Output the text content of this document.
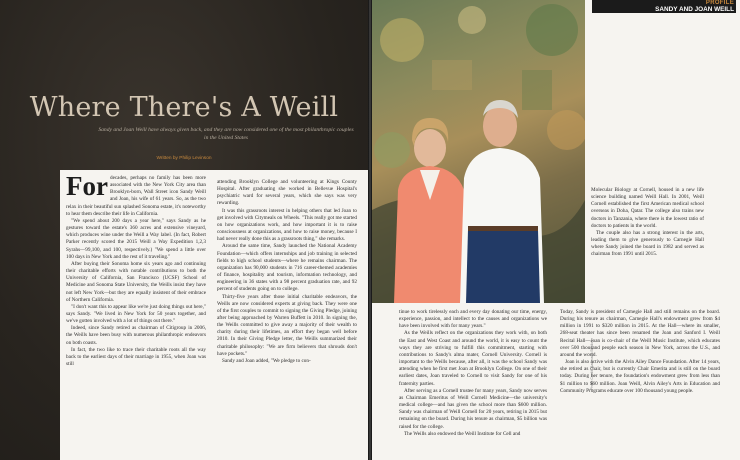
Where There's A Weill
Sandy and Joan Weill have always given back, and they are now considered one of the most philanthropic couples in the United States
Written by Philip Levinson
For decades, perhaps no family has been more associated with the New York City area than Brooklyn-born, Wall Street icon Sandy Weill and Joan, his wife of 61 years. So, as the two relax in their beautiful sun splashed Sonoma estate, it's noteworthy to hear them describe their life in California.

"We spend about 200 days a year here," says Sandy as he gestures toward the estate's 360 acres and extensive vineyard, which produces wine under the Weill a Way label. (In fact, Robert Parker recently scored the 2015 Weill a Way Expedition 1,2,3 Syrahs—99,100, and 100, respectively.) "We spend a little over 100 days in New York and the rest of it traveling."

After buying their Sonoma home six years ago and continuing their charitable efforts with notable contributions to both the University of California, San Francisco (UCSF) School of Medicine and Sonoma State University, the Weills insist they have not left New York—but they are equally insistent of their embrace of Northern California.

"I don't want this to appear like we're just doing things out here," says Sandy. "We lived in New York for 50 years together, and we've gotten involved with a lot of things out there."

Indeed, since Sandy retired as chairman of Citigroup in 2006, the Weills have been busy with numerous philanthropic endeavors on both coasts.

In fact, the two like to trace their charitable roots all the way back to the earliest days of their marriage in 1955, when Joan was still

attending Brooklyn College and volunteering at Kings County Hospital. After graduating she worked in Bellevue Hospital's psychiatric ward for several years, which she says was very rewarding.

It was this grassroots interest in helping others that led Joan to get involved with Citymeals on Wheels. "This really got me started on how organizations work, and how important it is to raise consciousness at organizations, and how to raise money, because I had never really done this as a grassroots thing," she remarks.

Around the same time, Sandy launched the National Academy Foundation—which offers internships and job training in selected fields to high school students—where he remains chairman. The organization has 90,000 students in 716 career-themed academies of finance, hospitality and tourism, information technology, and engineering in 36 states with a 98 percent graduation rate, and 92 percent of students going on to college.

Thirty-five years after those initial charitable endeavors, the Weills are now considered experts at giving back. They were one of the first couples to commit to signing the Giving Pledge, joining after being approached by Warren Buffett in 2010. In signing the, the Weills committed to give away a majority of their wealth to charity during their lifetimes, an effort they began well before 2010. In their Giving Pledge letter, the Weills summarized their charitable philosophy: "We are firm believers that shrouds don't have pockets."

Sandy and Joan added, "We pledge to con-

PROFILE
SANDY AND JOAN WEILL
Photo Credit: Bachrach Studios

tinue to work tirelessly each and every day donating our time, energy, experience, passion, and intellect to the causes and organizations we have been involved with for many years."

As the Weills reflect on the organizations they work with, on both the East and West Coast and around the world, it is easy to count the ways they are striving to fulfill this commitment, starting with contributions to Sandy's alma mater, Cornell University. Cornell is important to the Weills because, after all, it was the school Sandy was attending when he first met Joan at Brooklyn College. On one of their earliest dates, Joan traveled to Cornell to visit Sandy for one of his fraternity parties.

After serving as a Cornell trustee for many years, Sandy now serves as Chairman Emeritus of Weill Cornell Medicine—the university's medical college—and has given the school more than $600 million. Sandy was chairman of Weill Cornell for 20 years, retiring in 2015 but remaining on the board. During his tenure as chairman, $5 billion was raised for the college.

The Weills also endowed the Weill Institute for Cell and

Molecular Biology at Cornell, housed in a new life science building named Weill Hall. In 2001, Weill Cornell established the first American medical school overseas in Doha, Qatar. The college also trains new doctors in Tanzania, where there is the lowest ratio of doctors to patients in the world.

The couple also has a strong interest in the arts, leading them to give generously to Carnegie Hall where Sandy joined the board in 1982 and served as chairman from 1991 until 2015.

Today, Sandy is president of Carnegie Hall and still remains on the board. During his tenure as chairman, Carnegie Hall's endowment grew from $4 million in 1991 to $320 million in 2015. At the Hall—where its smaller, 268-seat theater has since been renamed the Joan and Sanford I. Weill Recital Hall—Joan is co-chair of the Weill Music Institute, which educates over 500 thousand people each season in New York, across the U.S., and around the world.

Joan is also active with the Alvin Ailey Dance Foundation. After 14 years, she retired as chair, but is currently Chair Emerita and is still on the board today. During her tenure, the foundation's endowment grew from less than $1 million to $60 million. Joan Weill, Alvin Ailey's Arts in Education and Community Programs educate over 100 thousand young people.
